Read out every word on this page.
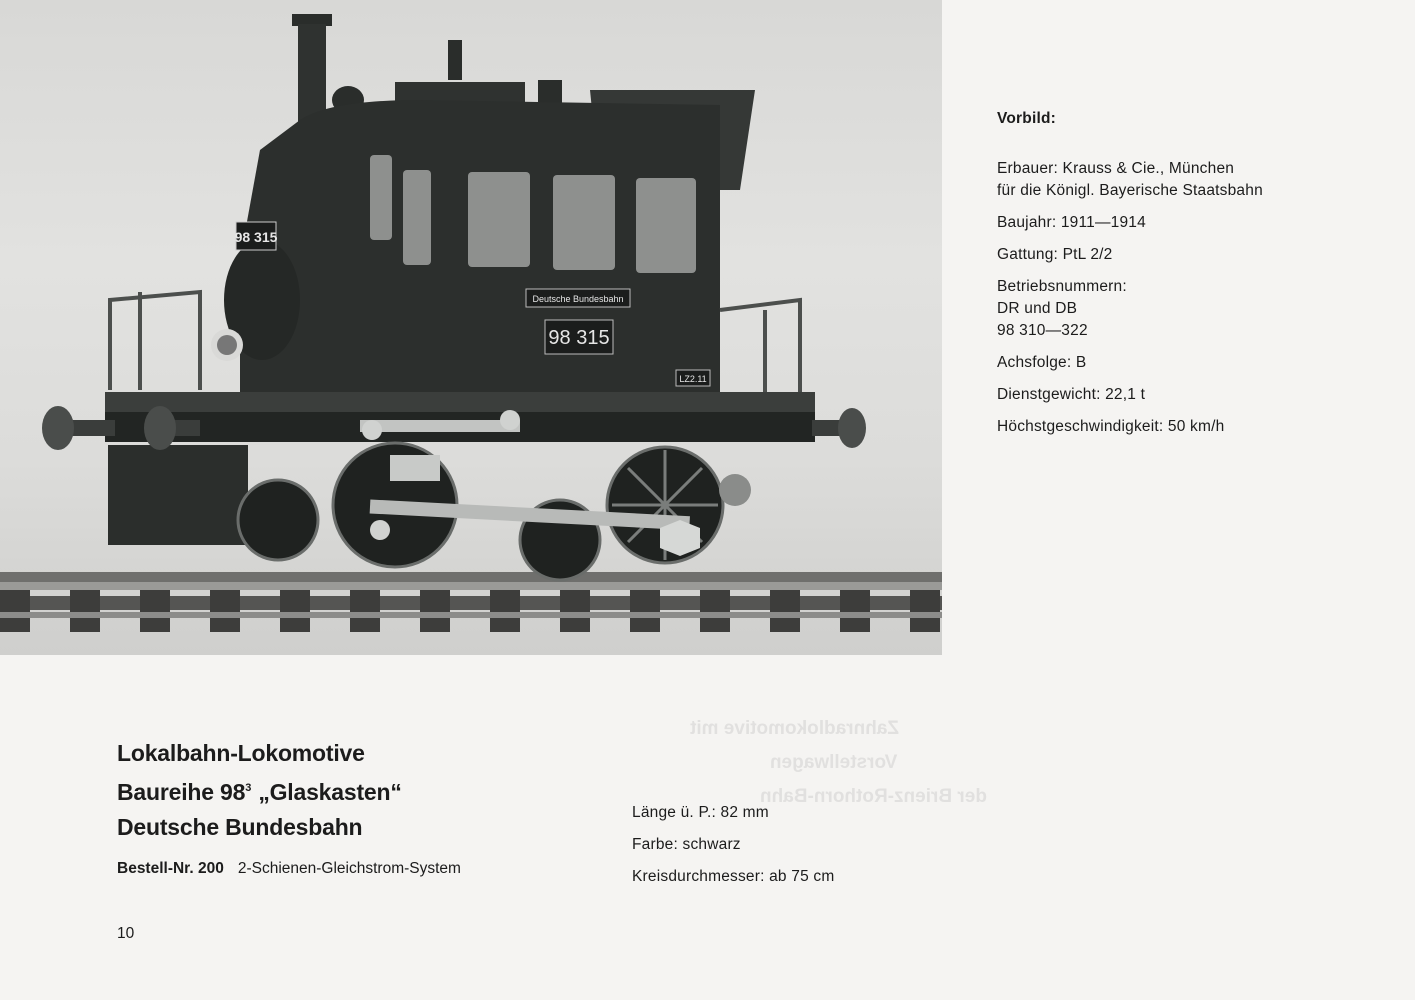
98 315
Deutsche Bundesbahn
98 315
LZ2.11
Vorbild:
Erbauer: Krauss & Cie., München
für die Königl. Bayerische Staatsbahn
Baujahr: 1911—1914
Gattung: PtL 2/2
Betriebsnummern:
DR und DB
98 310—322
Achsfolge: B
Dienstgewicht: 22,1 t
Höchstgeschwindigkeit: 50 km/h
Zahnradlokomotive mit
Vorstellwagen
der Brienz-Rothorn-Bahn
Lokalbahn-Lokomotive
Baureihe $98^3$ „Glaskasten“
Deutsche Bundesbahn
Bestell-Nr. 200 2-Schienen-Gleichstrom-System
Länge ü. P.: 82 mm
Farbe: schwarz
Kreisdurchmesser: ab 75 cm
10
